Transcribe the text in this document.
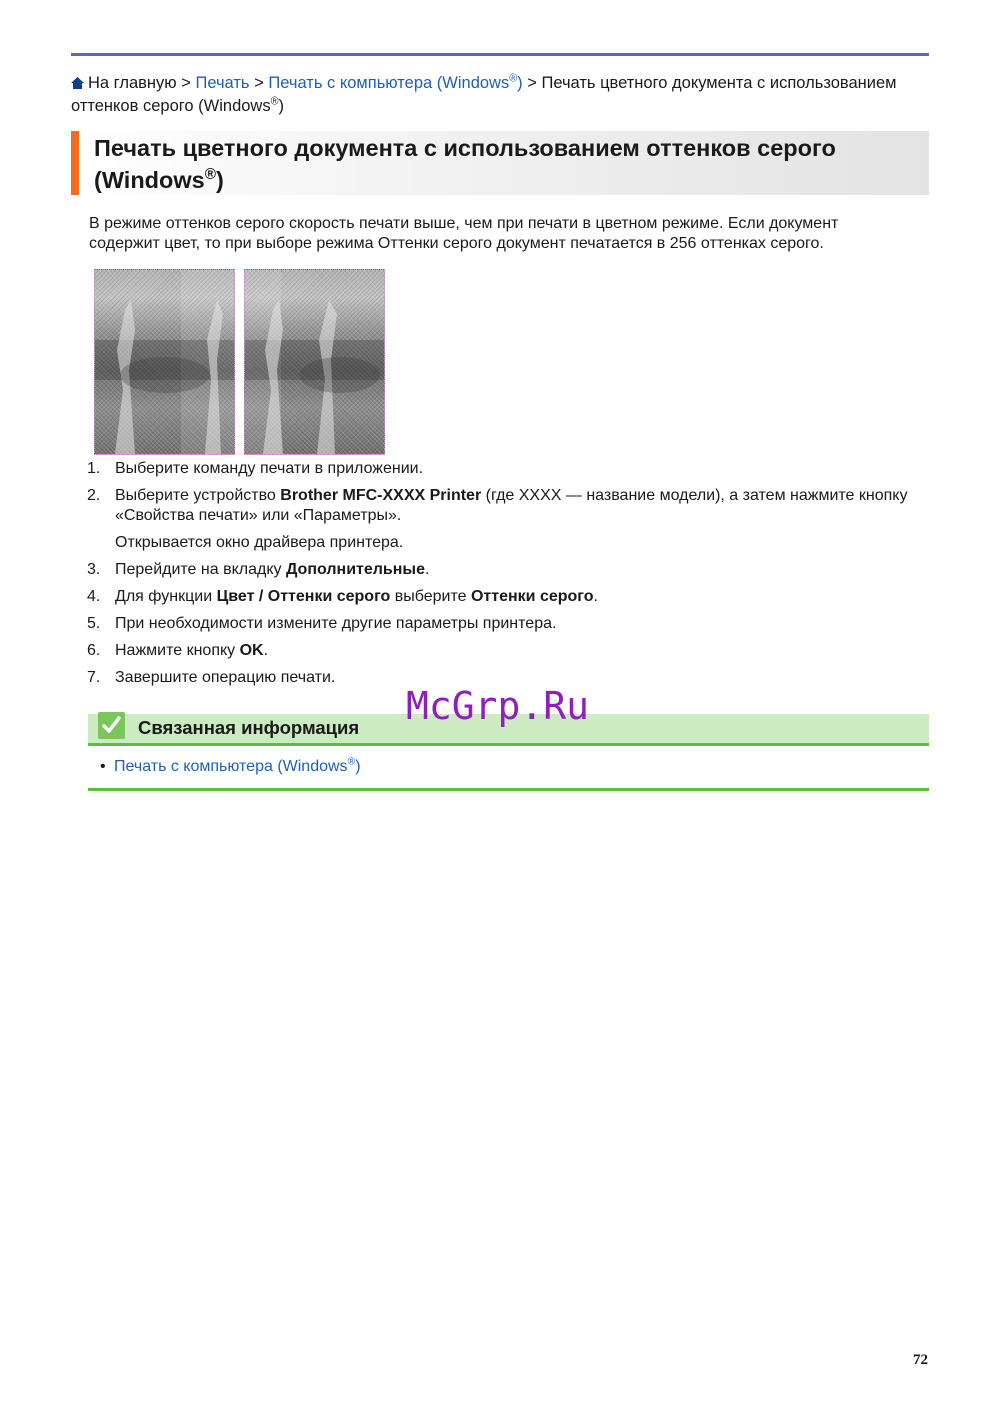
На главную > Печать > Печать с компьютера (Windows®) > Печать цветного документа с использованием оттенков серого (Windows®)
Печать цветного документа с использованием оттенков серого (Windows®)

В режиме оттенков серого скорость печати выше, чем при печати в цветном режиме. Если документ содержит цвет, то при выборе режима Оттенки серого документ печатается в 256 оттенках серого.

1. Выберите команду печати в приложении.
2. Выберите устройство Brother MFC-XXXX Printer (где XXXX — название модели), а затем нажмите кнопку «Свойства печати» или «Параметры».
Открывается окно драйвера принтера.
3. Перейдите на вкладку Дополнительные.
4. Для функции Цвет / Оттенки серого выберите Оттенки серого.
5. При необходимости измените другие параметры принтера.
6. Нажмите кнопку OK.
7. Завершите операцию печати.
Связанная информация McGrp.Ru
• Печать с компьютера (Windows®)
72
